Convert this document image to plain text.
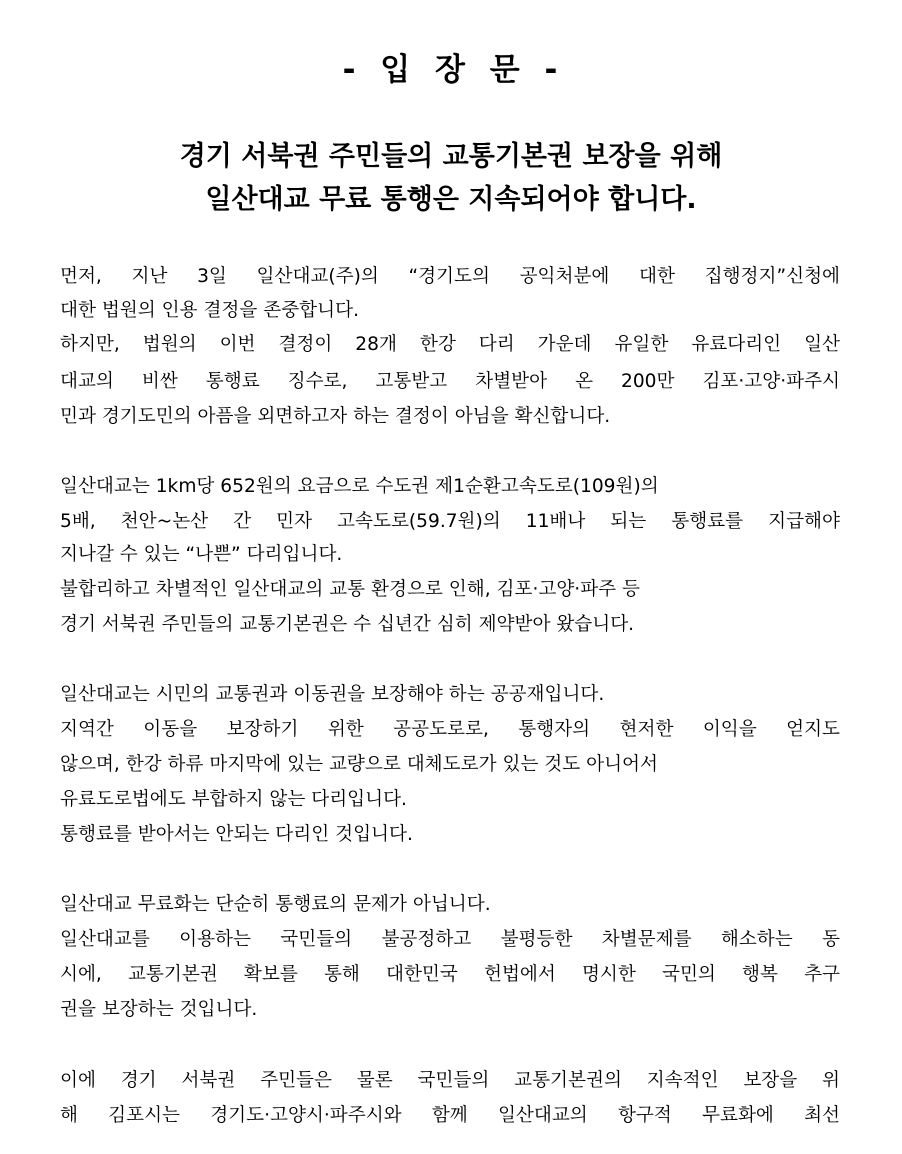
- 입 장 문 -
경기 서북권 주민들의 교통기본권 보장을 위해
일산대교 무료 통행은 지속되어야 합니다.
먼저, 지난 3일 일산대교(주)의 “경기도의 공익처분에 대한 집행정지”신청에
대한 법원의 인용 결정을 존중합니다.
하지만, 법원의 이번 결정이 28개 한강 다리 가운데 유일한 유료다리인 일산
대교의 비싼 통행료 징수로, 고통받고 차별받아 온 200만 김포·고양·파주시
민과 경기도민의 아픔을 외면하고자 하는 결정이 아님을 확신합니다.
일산대교는 1km당 652원의 요금으로 수도권 제1순환고속도로(109원)의
5배, 천안~논산 간 민자 고속도로(59.7원)의 11배나 되는 통행료를 지급해야
지나갈 수 있는 “나쁜” 다리입니다.
불합리하고 차별적인 일산대교의 교통 환경으로 인해, 김포·고양·파주 등
경기 서북권 주민들의 교통기본권은 수 십년간 심히 제약받아 왔습니다.
일산대교는 시민의 교통권과 이동권을 보장해야 하는 공공재입니다.
지역간 이동을 보장하기 위한 공공도로로, 통행자의 현저한 이익을 얻지도
않으며, 한강 하류 마지막에 있는 교량으로 대체도로가 있는 것도 아니어서
유료도로법에도 부합하지 않는 다리입니다.
통행료를 받아서는 안되는 다리인 것입니다.
일산대교 무료화는 단순히 통행료의 문제가 아닙니다.
일산대교를 이용하는 국민들의 불공정하고 불평등한 차별문제를 해소하는 동
시에, 교통기본권 확보를 통해 대한민국 헌법에서 명시한 국민의 행복 추구
권을 보장하는 것입니다.
이에 경기 서북권 주민들은 물론 국민들의 교통기본권의 지속적인 보장을 위
해 김포시는 경기도·고양시·파주시와 함께 일산대교의 항구적 무료화에 최선
